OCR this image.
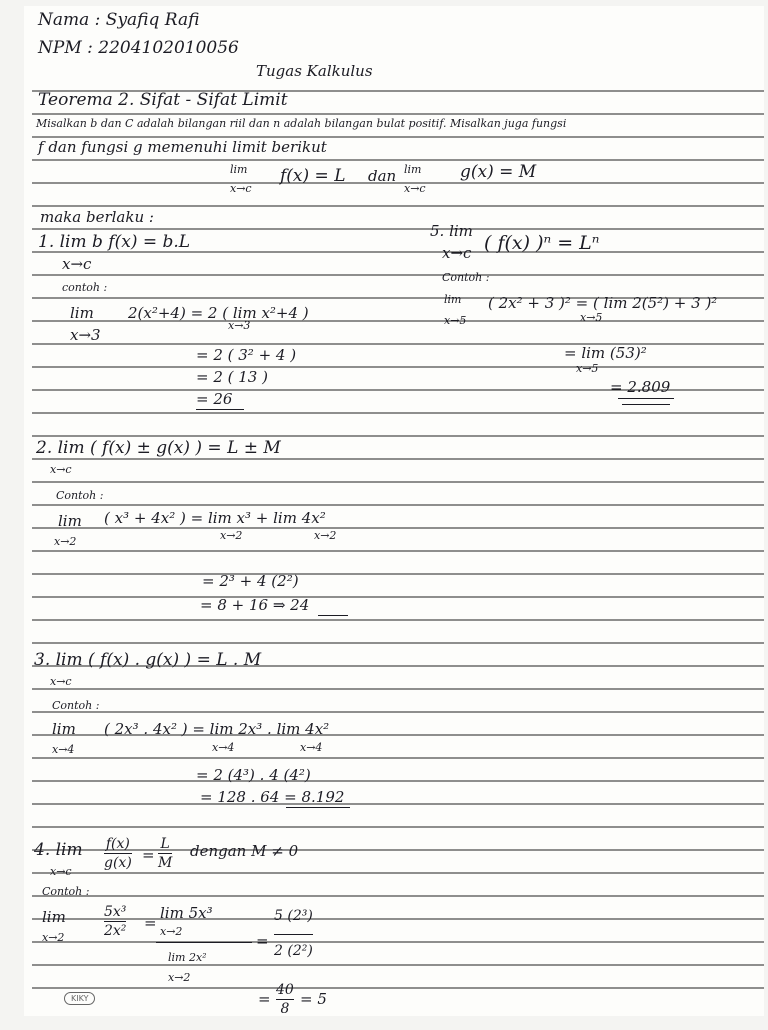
Nama : Syafiq Rafi
NPM : 2204102010056
Tugas Kalkulus
Teorema 2. Sifat - Sifat Limit
Misalkan b dan C adalah bilangan riil dan n adalah bilangan bulat positif. Misalkan juga fungsi
f dan fungsi g memenuhi limit berikut
lim
x→c
f(x) = L dan lim
x→c
g(x) = M
maka berlaku :
1. lim b f(x) = b.L
x→c
contoh :
lim
x→3
2(x²+4) = 2 ( lim x²+4 )
x→3
= 2 ( 3² + 4 )
= 2 ( 13 )
= 26
5. lim
x→c ( f(x) )ⁿ = Lⁿ
Contoh :
lim
x→5
( 2x² + 3 )² = ( lim 2(5²) + 3 )²
x→5
= lim (53)²
x→5
= 2.809
2. lim ( f(x) ± g(x) ) = L ± M
x→c
Contoh :
lim
x→2
( x³ + 4x² ) = lim x³ + lim 4x²
x→2	x→2
= 2³ + 4 (2²)
= 8 + 16 ⇒ 24
3. lim ( f(x) . g(x) ) = L . M
x→c
Contoh :
lim
x→4
( 2x³ . 4x² ) = lim 2x³ . lim 4x²
x→4	x→4
= 2 (4³) . 4 (4²)
= 128 . 64 = 8.192
4. lim
x→c
f(x)
g(x) =
L
M
dengan M ≠ 0
Contoh :
lim
x→2
5x³
2x² =
lim 5x³
x→2
lim 2x²
x→2
=
5 (2³)
2 (2²)
= 40
8
= 5
KIKY
